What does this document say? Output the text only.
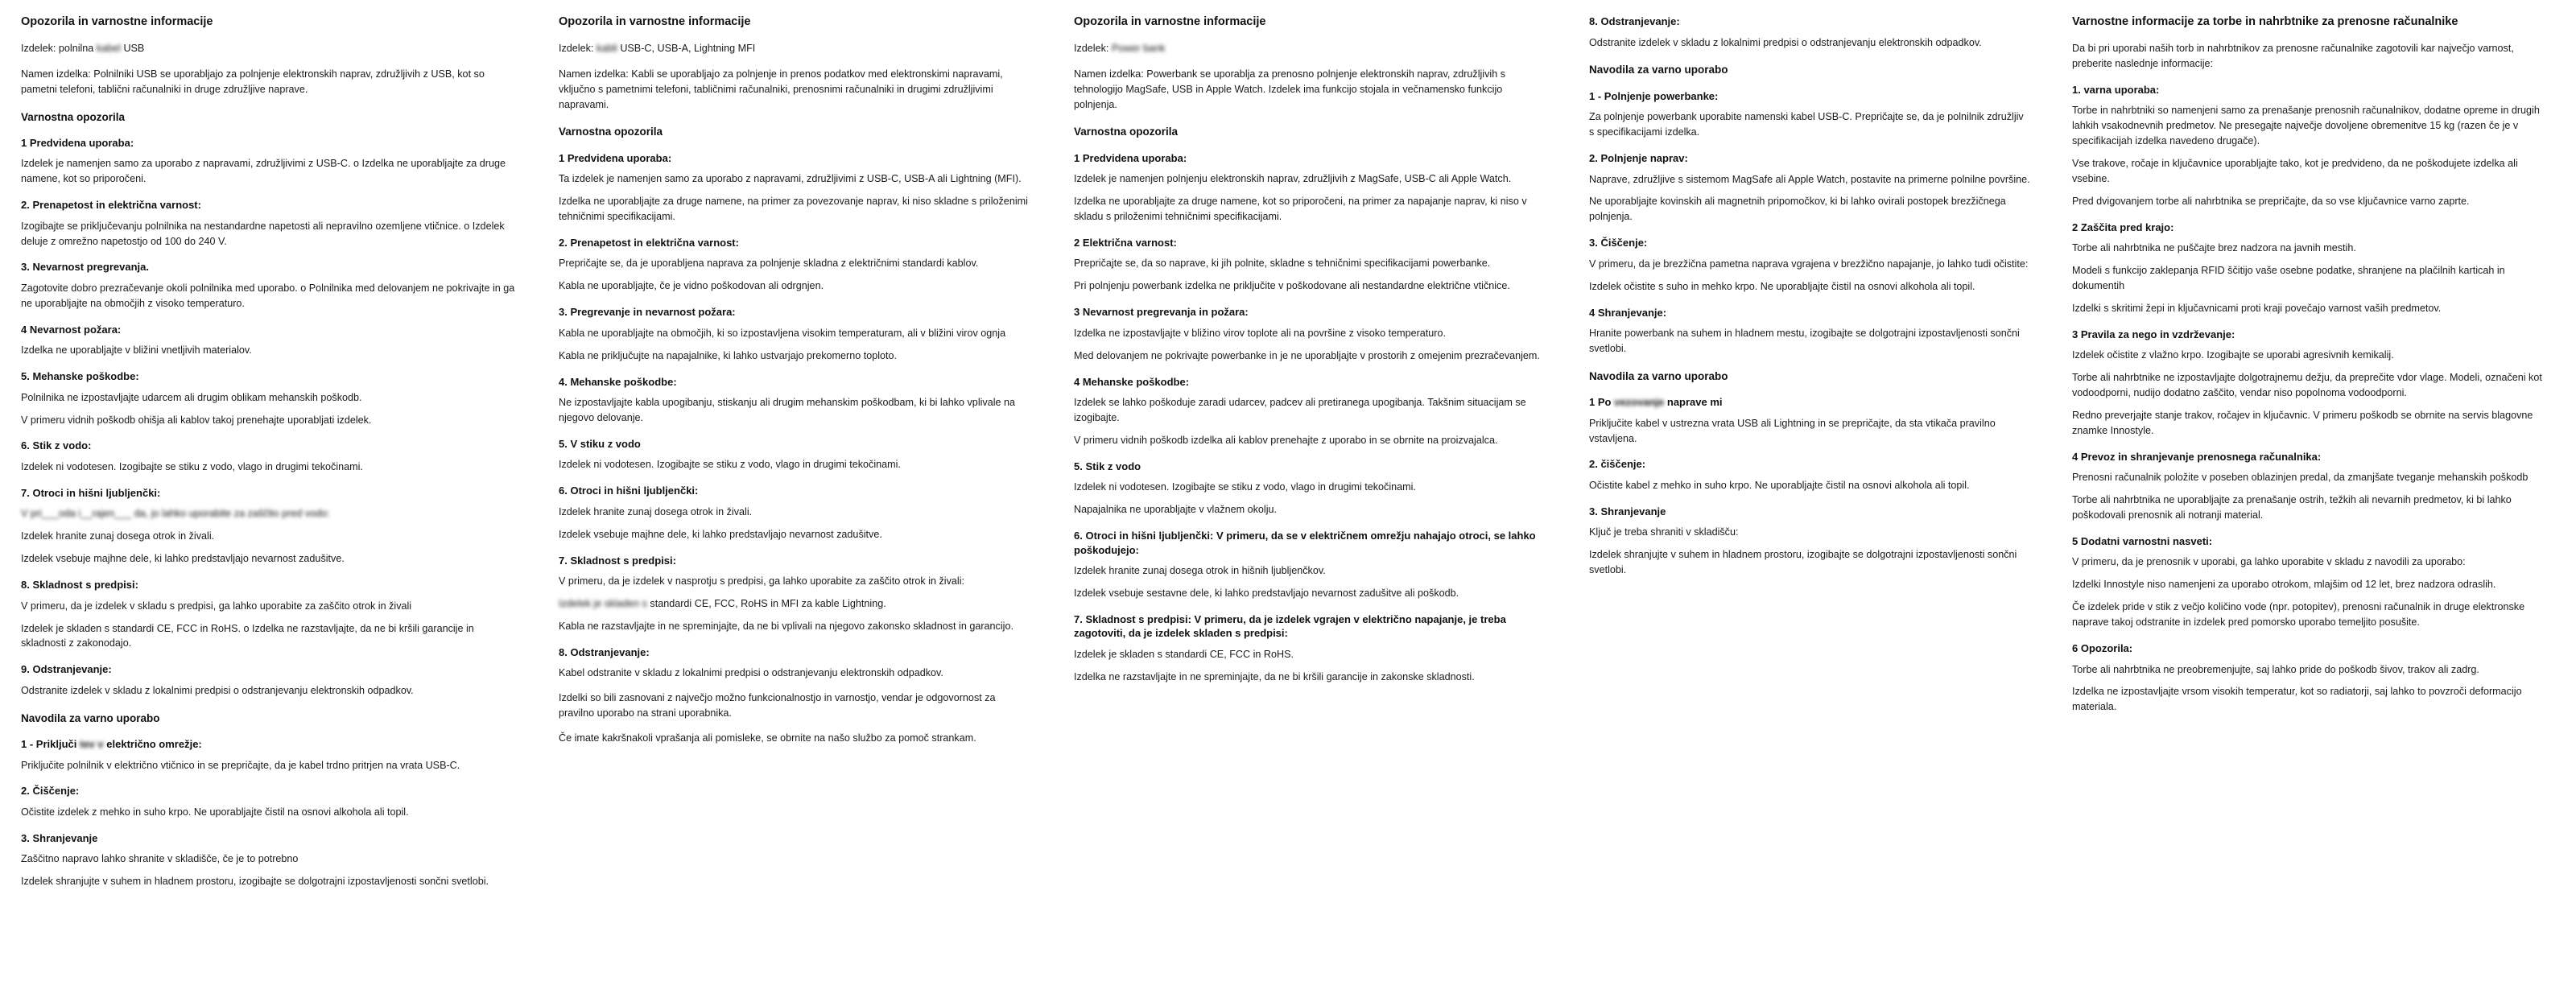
Opozorila in varnostne informacije

Izdelek: polnilna kabel USB

Namen izdelka: Polnilniki USB se uporabljajo za polnjenje elektronskih naprav, združljivih z USB, kot so pametni telefoni, tablični računalniki in druge združljive naprave.

Varnostna opozorila
1 Predvidena uporaba:

Izdelek je namenjen samo za uporabo z napravami, združljivimi z USB-C. o Izdelka ne uporabljajte za druge namene, kot so priporočeni.

2. Prenapetost in električna varnost:

Izogibajte se priključevanju polnilnika na nestandardne napetosti ali nepravilno ozemljene vtičnice. o Izdelek deluje z omrežno napetostjo od 100 do 240 V.

3. Nevarnost pregrevanja.

Zagotovite dobro prezračevanje okoli polnilnika med uporabo. o Polnilnika med delovanjem ne pokrivajte in ga ne uporabljajte na območjih z visoko temperaturo.

4 Nevarnost požara:

Izdelka ne uporabljajte v bližini vnetljivih materialov.

5. Mehanske poškodbe:

Polnilnika ne izpostavljajte udarcem ali drugim oblikam mehanskih poškodb.

V primeru vidnih poškodb ohišja ali kablov takoj prenehajte uporabljati izdelek.

6. Stik z vodo:

Izdelek ni vodotesen. Izogibajte se stiku z vodo, vlago in drugimi tekočinami.

7. Otroci in hišni ljubljenčki:

V pri___oda i__rajen___ da, jo lahko uporabite za zaščito pred vodo:

Izdelek hranite zunaj dosega otrok in živali.

Izdelek vsebuje majhne dele, ki lahko predstavljajo nevarnost zadušitve.

8. Skladnost s predpisi:

V primeru, da je izdelek v skladu s predpisi, ga lahko uporabite za zaščito otrok in živali

Izdelek je skladen s standardi CE, FCC in RoHS. o Izdelka ne razstavljajte, da ne bi kršili garancije in skladnosti z zakonodajo.

9. Odstranjevanje:

Odstranite izdelek v skladu z lokalnimi predpisi o odstranjevanju elektronskih odpadkov.

Navodila za varno uporabo
1 - Priključi tev v električno omrežje:

Priključite polnilnik v električno vtičnico in se prepričajte, da je kabel trdno pritrjen na vrata USB-C.

2. Čiščenje:

Očistite izdelek z mehko in suho krpo. Ne uporabljajte čistil na osnovi alkohola ali topil.

3. Shranjevanje

Zaščitno napravo lahko shranite v skladišče, če je to potrebno

Izdelek shranjujte v suhem in hladnem prostoru, izogibajte se dolgotrajni izpostavljenosti sončni svetlobi.

Opozorila in varnostne informacije

Izdelek: kabli USB-C, USB-A, Lightning MFI

Namen izdelka: Kabli se uporabljajo za polnjenje in prenos podatkov med elektronskimi napravami, vključno s pametnimi telefoni, tabličnimi računalniki, prenosnimi računalniki in drugimi združljivimi napravami.

Varnostna opozorila
1 Predvidena uporaba:

Ta izdelek je namenjen samo za uporabo z napravami, združljivimi z USB-C, USB-A ali Lightning (MFI).

Izdelka ne uporabljajte za druge namene, na primer za povezovanje naprav, ki niso skladne s priloženimi tehničnimi specifikacijami.

2. Prenapetost in električna varnost:

Prepričajte se, da je uporabljena naprava za polnjenje skladna z električnimi standardi kablov.

Kabla ne uporabljajte, če je vidno poškodovan ali odrgnjen.

3. Pregrevanje in nevarnost požara:

Kabla ne uporabljajte na območjih, ki so izpostavljena visokim temperaturam, ali v bližini virov ognja

Kabla ne priključujte na napajalnike, ki lahko ustvarjajo prekomerno toploto.

4. Mehanske poškodbe:

Ne izpostavljajte kabla upogibanju, stiskanju ali drugim mehanskim poškodbam, ki bi lahko vplivale na njegovo delovanje.

5. V stiku z vodo

Izdelek ni vodotesen. Izogibajte se stiku z vodo, vlago in drugimi tekočinami.

6. Otroci in hišni ljubljenčki:

Izdelek hranite zunaj dosega otrok in živali.

Izdelek vsebuje majhne dele, ki lahko predstavljajo nevarnost zadušitve.

7. Skladnost s predpisi:

V primeru, da je izdelek v nasprotju s predpisi, ga lahko uporabite za zaščito otrok in živali:

Izdelek je skladen s standardi CE, FCC, RoHS in MFI za kable Lightning.

Kabla ne razstavljajte in ne spreminjajte, da ne bi vplivali na njegovo zakonsko skladnost in garancijo.

8. Odstranjevanje:

Kabel odstranite v skladu z lokalnimi predpisi o odstranjevanju elektronskih odpadkov.

Izdelki so bili zasnovani z največjo možno funkcionalnostjo in varnostjo, vendar je odgovornost za pravilno uporabo na strani uporabnika.

Če imate kakršnakoli vprašanja ali pomisleke, se obrnite na našo službo za pomoč strankam.

Opozorila in varnostne informacije

Izdelek: Power bank

Namen izdelka: Powerbank se uporablja za prenosno polnjenje elektronskih naprav, združljivih s tehnologijo MagSafe, USB in Apple Watch. Izdelek ima funkcijo stojala in večnamensko funkcijo polnjenja.

Varnostna opozorila
1 Predvidena uporaba:

Izdelek je namenjen polnjenju elektronskih naprav, združljivih z MagSafe, USB-C ali Apple Watch.

Izdelka ne uporabljajte za druge namene, kot so priporočeni, na primer za napajanje naprav, ki niso v skladu s priloženimi tehničnimi specifikacijami.

2 Električna varnost:

Prepričajte se, da so naprave, ki jih polnite, skladne s tehničnimi specifikacijami powerbanke.

Pri polnjenju powerbank izdelka ne priključite v poškodovane ali nestandardne električne vtičnice.

3 Nevarnost pregrevanja in požara:

Izdelka ne izpostavljajte v bližino virov toplote ali na površine z visoko temperaturo.

Med delovanjem ne pokrivajte powerbanke in je ne uporabljajte v prostorih z omejenim prezračevanjem.

4 Mehanske poškodbe:

Izdelek se lahko poškoduje zaradi udarcev, padcev ali pretiranega upogibanja. Takšnim situacijam se izogibajte.

V primeru vidnih poškodb izdelka ali kablov prenehajte z uporabo in se obrnite na proizvajalca.

5. Stik z vodo

Izdelek ni vodotesen. Izogibajte se stiku z vodo, vlago in drugimi tekočinami.

Napajalnika ne uporabljajte v vlažnem okolju.

6. Otroci in hišni ljubljenčki: V primeru, da se v električnem omrežju nahajajo otroci, se lahko poškodujejo:

Izdelek hranite zunaj dosega otrok in hišnih ljubljenčkov.

Izdelek vsebuje sestavne dele, ki lahko predstavljajo nevarnost zadušitve ali poškodb.

7. Skladnost s predpisi: V primeru, da je izdelek vgrajen v električno napajanje, je treba zagotoviti, da je izdelek skladen s predpisi:

Izdelek je skladen s standardi CE, FCC in RoHS.

Izdelka ne razstavljajte in ne spreminjajte, da ne bi kršili garancije in zakonske skladnosti.

8. Odstranjevanje:

Odstranite izdelek v skladu z lokalnimi predpisi o odstranjevanju elektronskih odpadkov.

Navodila za varno uporabo
1 - Polnjenje powerbanke:

Za polnjenje powerbank uporabite namenski kabel USB-C. Prepričajte se, da je polnilnik združljiv s specifikacijami izdelka.

2. Polnjenje naprav:

Naprave, združljive s sistemom MagSafe ali Apple Watch, postavite na primerne polnilne površine.

Ne uporabljajte kovinskih ali magnetnih pripomočkov, ki bi lahko ovirali postopek brezžičnega polnjenja.

3. Čiščenje:

V primeru, da je brezžična pametna naprava vgrajena v brezžično napajanje, jo lahko tudi očistite:

Izdelek očistite s suho in mehko krpo. Ne uporabljajte čistil na osnovi alkohola ali topil.

4 Shranjevanje:

Hranite powerbank na suhem in hladnem mestu, izogibajte se dolgotrajni izpostavljenosti sončni svetlobi.

Navodila za varno uporabo
1 Po vezovanje naprave mi

Priključite kabel v ustrezna vrata USB ali Lightning in se prepričajte, da sta vtikača pravilno vstavljena.

2. čiščenje:

Očistite kabel z mehko in suho krpo. Ne uporabljajte čistil na osnovi alkohola ali topil.

3. Shranjevanje

Ključ je treba shraniti v skladišču:

Izdelek shranjujte v suhem in hladnem prostoru, izogibajte se dolgotrajni izpostavljenosti sončni svetlobi.

Varnostne informacije za torbe in nahrbtnike za prenosne računalnike

Da bi pri uporabi naših torb in nahrbtnikov za prenosne računalnike zagotovili kar največjo varnost, preberite naslednje informacije:

1. varna uporaba:

Torbe in nahrbtniki so namenjeni samo za prenašanje prenosnih računalnikov, dodatne opreme in drugih lahkih vsakodnevnih predmetov. Ne presegajte največje dovoljene obremenitve 15 kg (razen če je v specifikacijah izdelka navedeno drugače).

Vse trakove, ročaje in ključavnice uporabljajte tako, kot je predvideno, da ne poškodujete izdelka ali vsebine.

Pred dvigovanjem torbe ali nahrbtnika se prepričajte, da so vse ključavnice varno zaprte.

2 Zaščita pred krajo:

Torbe ali nahrbtnika ne puščajte brez nadzora na javnih mestih.

Modeli s funkcijo zaklepanja RFID ščitijo vaše osebne podatke, shranjene na plačilnih karticah in dokumentih

Izdelki s skritimi žepi in ključavnicami proti kraji povečajo varnost vaših predmetov.

3 Pravila za nego in vzdrževanje:

Izdelek očistite z vlažno krpo. Izogibajte se uporabi agresivnih kemikalij.

Torbe ali nahrbtnike ne izpostavljajte dolgotrajnemu dežju, da preprečite vdor vlage. Modeli, označeni kot vodoodporni, nudijo dodatno zaščito, vendar niso popolnoma vodoodporni.

Redno preverjajte stanje trakov, ročajev in ključavnic. V primeru poškodb se obrnite na servis blagovne znamke Innostyle.

4 Prevoz in shranjevanje prenosnega računalnika:

Prenosni računalnik položite v poseben oblazinjen predal, da zmanjšate tveganje mehanskih poškodb

Torbe ali nahrbtnika ne uporabljajte za prenašanje ostrih, težkih ali nevarnih predmetov, ki bi lahko poškodovali prenosnik ali notranji material.

5 Dodatni varnostni nasveti:

V primeru, da je prenosnik v uporabi, ga lahko uporabite v skladu z navodili za uporabo:

Izdelki Innostyle niso namenjeni za uporabo otrokom, mlajšim od 12 let, brez nadzora odraslih.

Če izdelek pride v stik z večjo količino vode (npr. potopitev), prenosni računalnik in druge elektronske naprave takoj odstranite in izdelek pred pomorsko uporabo temeljito posušite.

6 Opozorila:

Torbe ali nahrbtnika ne preobremenjujte, saj lahko pride do poškodb šivov, trakov ali zadrg.

Izdelka ne izpostavljajte vrsom visokih temperatur, kot so radiatorji, saj lahko to povzroči deformacijo materiala.
